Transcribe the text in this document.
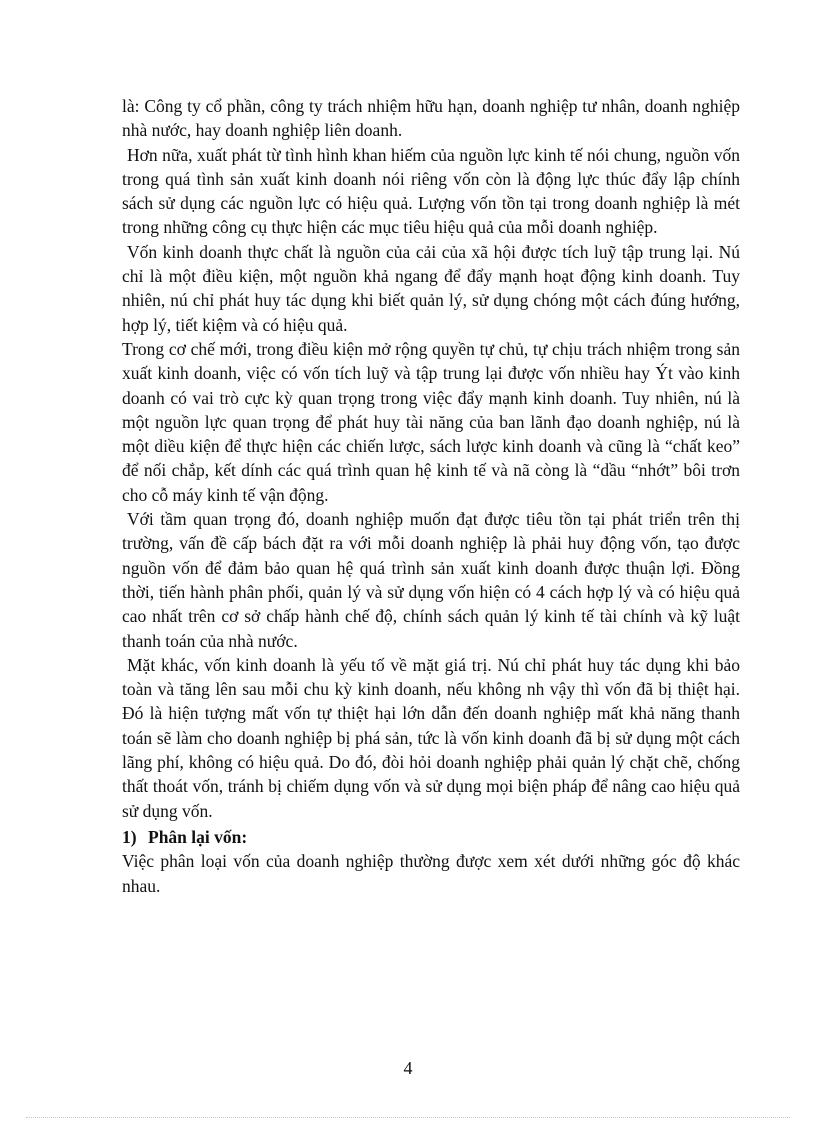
là: Công ty cổ phần, công ty trách nhiệm hữu hạn, doanh nghiệp tư nhân, doanh nghiệp nhà nước, hay doanh nghiệp liên doanh.

Hơn nữa, xuất phát từ tình hình khan hiếm của nguồn lực kinh tế nói chung, nguồn vốn trong quá tình sản xuất kinh doanh nói riêng vốn còn là động lực thúc đẩy lập chính sách sử dụng các nguồn lực có hiệu quả. Lượng vốn tồn tại trong doanh nghiệp là mét trong những công cụ thực hiện các mục tiêu hiệu quả của mỗi doanh nghiệp.

Vốn kinh doanh thực chất là nguồn của cải của xã hội được tích luỹ tập trung lại. Nú chỉ là một điều kiện, một nguồn khả ngang để đẩy mạnh hoạt động kinh doanh. Tuy nhiên, nú chỉ phát huy tác dụng khi biết quản lý, sử dụng chóng một cách đúng hướng, hợp lý, tiết kiệm và có hiệu quả.

Trong cơ chế mới, trong điều kiện mở rộng quyền tự chủ, tự chịu trách nhiệm trong sản xuất kinh doanh, việc có vốn tích luỹ và tập trung lại được vốn nhiều hay Ýt vào kinh doanh có vai trò cực kỳ quan trọng trong việc đẩy mạnh kinh doanh. Tuy nhiên, nú là một nguồn lực quan trọng để phát huy tài năng của ban lãnh đạo doanh nghiệp, nú là một diều kiện để thực hiện các chiến lược, sách lược kinh doanh và cũng là “chất keo” để nối chắp, kết dính các quá trình quan hệ kinh tế và nã còng là “dầu “nhớt” bôi trơn cho cỗ máy kinh tế vận động.

Với tầm quan trọng đó, doanh nghiệp muốn đạt được tiêu tồn tại phát triển trên thị trường, vấn đề cấp bách đặt ra với mỗi doanh nghiệp là phải huy động vốn, tạo được nguồn vốn để đảm bảo quan hệ quá trình sản xuất kinh doanh được thuận lợi. Đồng thời, tiến hành phân phối, quản lý và sử dụng vốn hiện có 4 cách hợp lý và có hiệu quả cao nhất trên cơ sở chấp hành chế độ, chính sách quản lý kinh tế tài chính và kỹ luật thanh toán của nhà nước.

Mặt khác, vốn kinh doanh là yếu tố về mặt giá trị. Nú chỉ phát huy tác dụng khi bảo toàn và tăng lên sau mỗi chu kỳ kinh doanh, nếu không nh vậy thì vốn đã bị thiệt hại. Đó là hiện tượng mất vốn tự thiệt hại lớn dẫn đến doanh nghiệp mất khả năng thanh toán sẽ làm cho doanh nghiệp bị phá sản, tức là vốn kinh doanh đã bị sử dụng một cách lãng phí, không có hiệu quả. Do đó, đòi hỏi doanh nghiệp phải quản lý chặt chẽ, chống thất thoát vốn, tránh bị chiếm dụng vốn và sử dụng mọi biện pháp để nâng cao hiệu quả sử dụng vốn.

1) Phân lại vốn:

Việc phân loại vốn của doanh nghiệp thường được xem xét dưới những góc độ khác nhau.

4
